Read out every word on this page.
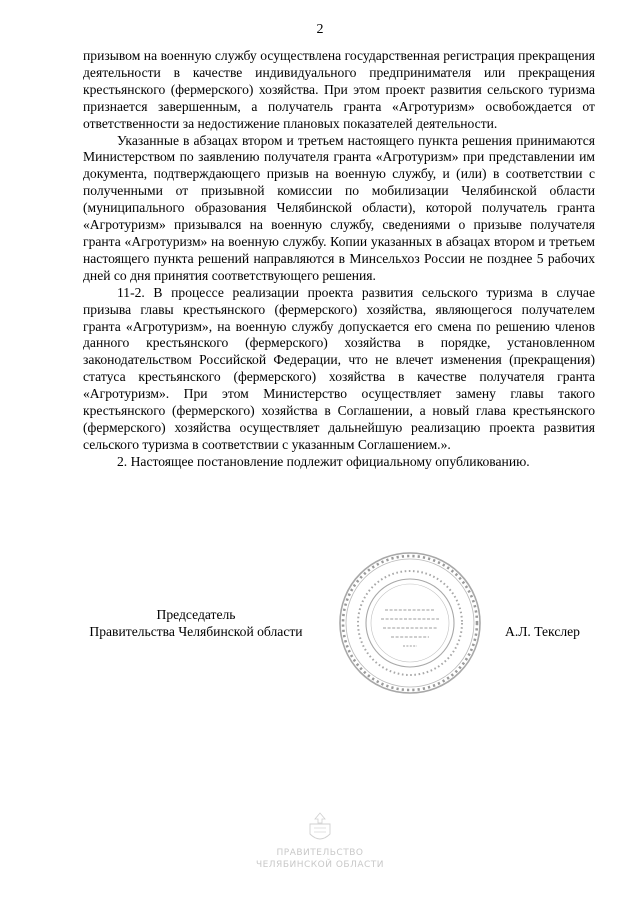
2

призывом на военную службу осуществлена государственная регистрация прекращения деятельности в качестве индивидуального предпринимателя или прекращения крестьянского (фермерского) хозяйства. При этом проект развития сельского туризма признается завершенным, а получатель гранта «Агротуризм» освобождается от ответственности за недостижение плановых показателей деятельности.

Указанные в абзацах втором и третьем настоящего пункта решения принимаются Министерством по заявлению получателя гранта «Агротуризм» при представлении им документа, подтверждающего призыв на военную службу, и (или) в соответствии с полученными от призывной комиссии по мобилизации Челябинской области (муниципального образования Челябинской области), которой получатель гранта «Агротуризм» призывался на военную службу, сведениями о призыве получателя гранта «Агротуризм» на военную службу. Копии указанных в абзацах втором и третьем настоящего пункта решений направляются в Минсельхоз России не позднее 5 рабочих дней со дня принятия соответствующего решения.

11-2. В процессе реализации проекта развития сельского туризма в случае призыва главы крестьянского (фермерского) хозяйства, являющегося получателем гранта «Агротуризм», на военную службу допускается его смена по решению членов данного крестьянского (фермерского) хозяйства в порядке, установленном законодательством Российской Федерации, что не влечет изменения (прекращения) статуса крестьянского (фермерского) хозяйства в качестве получателя гранта «Агротуризм». При этом Министерство осуществляет замену главы такого крестьянского (фермерского) хозяйства в Соглашении, а новый глава крестьянского (фермерского) хозяйства осуществляет дальнейшую реализацию проекта развития сельского туризма в соответствии с указанным Соглашением.».

2. Настоящее постановление подлежит официальному опубликованию.

Председатель
Правительства Челябинской области	А.Л. Текслер
ПРАВИТЕЛЬСТВО
ЧЕЛЯБИНСКОЙ ОБЛАСТИ
